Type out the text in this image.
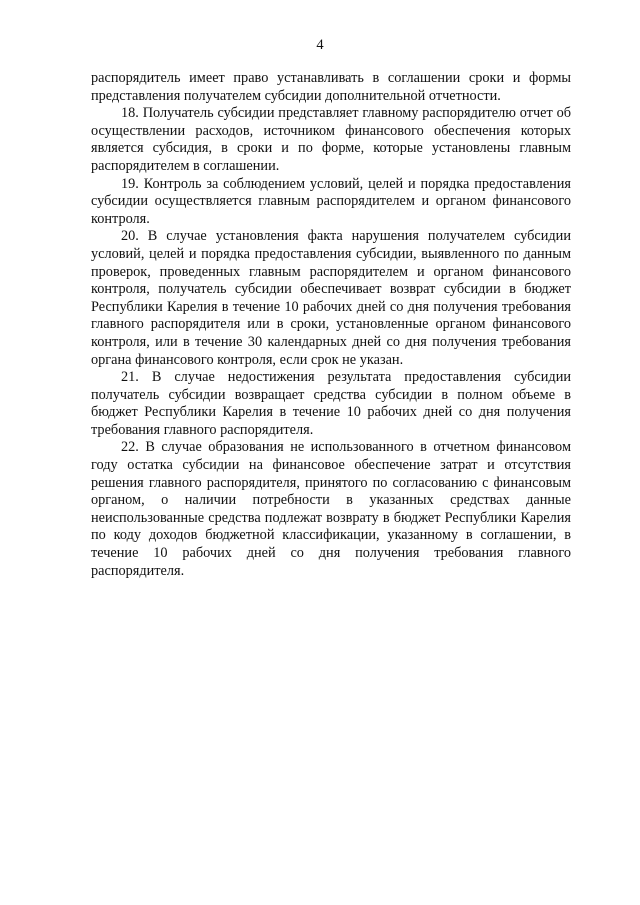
4

распорядитель имеет право устанавливать в соглашении сроки и формы представления получателем субсидии дополнительной отчетности.

18. Получатель субсидии представляет главному распорядителю отчет об осуществлении расходов, источником финансового обеспечения которых является субсидия, в сроки и по форме, которые установлены главным распорядителем в соглашении.

19. Контроль за соблюдением условий, целей и порядка предоставления субсидии осуществляется главным распорядителем и органом финансового контроля.

20. В случае установления факта нарушения получателем субсидии условий, целей и порядка предоставления субсидии, выявленного по данным проверок, проведенных главным распорядителем и органом финансового контроля, получатель субсидии обеспечивает возврат субсидии в бюджет Республики Карелия в течение 10 рабочих дней со дня получения требования главного распорядителя или в сроки, установленные органом финансового контроля, или в течение 30 календарных дней со дня получения требования органа финансового контроля, если срок не указан.

21. В случае недостижения результата предоставления субсидии получатель субсидии возвращает средства субсидии в полном объеме в бюджет Республики Карелия в течение 10 рабочих дней со дня получения требования главного распорядителя.

22. В случае образования не использованного в отчетном финансовом году остатка субсидии на финансовое обеспечение затрат и отсутствия решения главного распорядителя, принятого по согласованию с финансовым органом, о наличии потребности в указанных средствах данные неиспользованные средства подлежат возврату в бюджет Республики Карелия по коду доходов бюджетной классификации, указанному в соглашении, в течение 10 рабочих дней со дня получения требования главного распорядителя.
